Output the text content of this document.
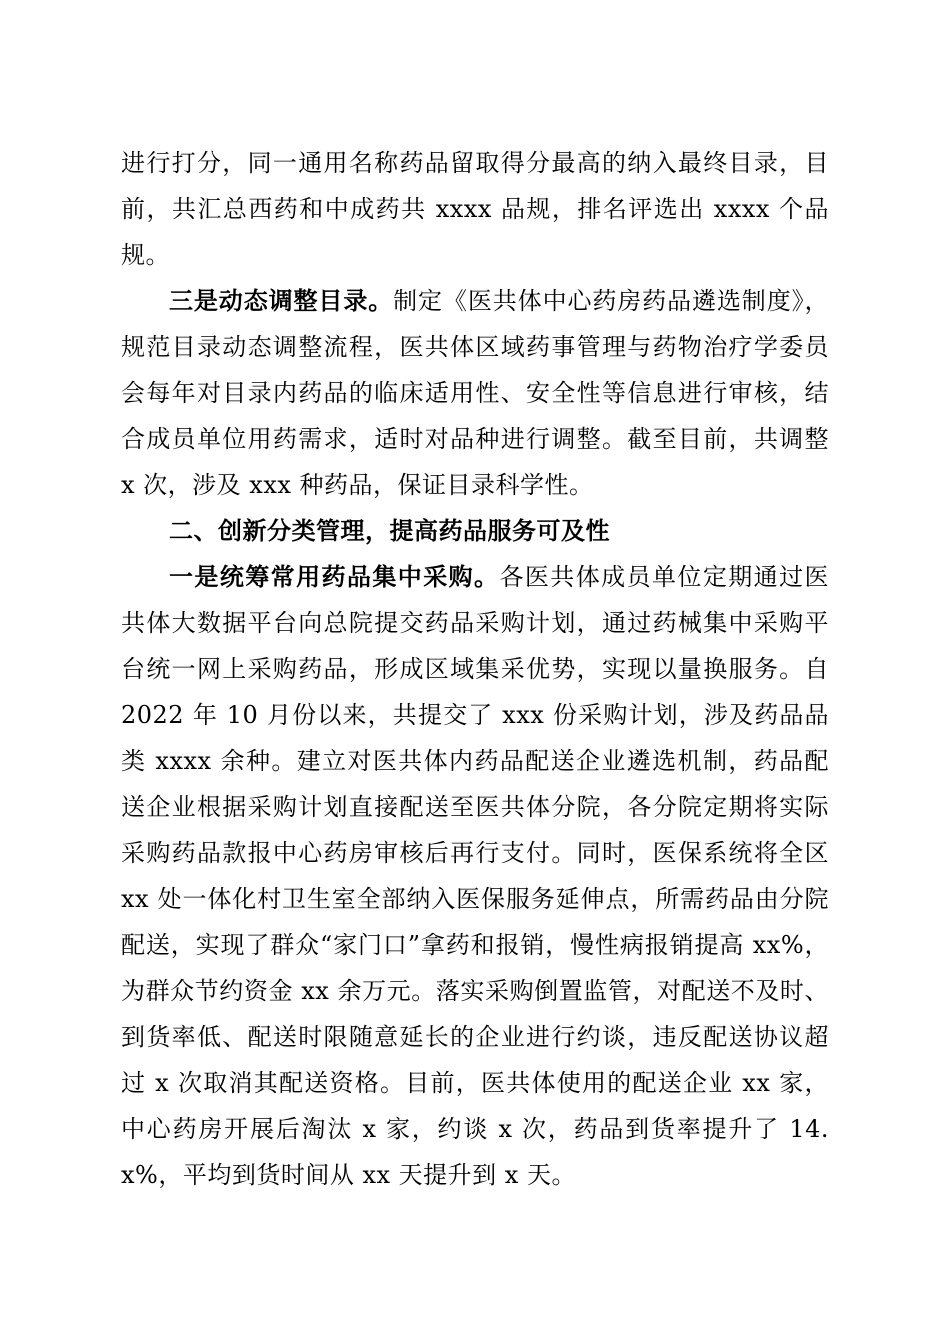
进行打分，同一通用名称药品留取得分最高的纳入最终目录，目前，共汇总西药和中成药共 xxxx 品规，排名评选出 xxxx 个品规。

三是动态调整目录。制定《医共体中心药房药品遴选制度》，规范目录动态调整流程，医共体区域药事管理与药物治疗学委员会每年对目录内药品的临床适用性、安全性等信息进行审核，结合成员单位用药需求，适时对品种进行调整。截至目前，共调整 x 次，涉及 xxx 种药品，保证目录科学性。

二、创新分类管理，提高药品服务可及性

一是统筹常用药品集中采购。各医共体成员单位定期通过医共体大数据平台向总院提交药品采购计划，通过药械集中采购平台统一网上采购药品，形成区域集采优势，实现以量换服务。自 2022 年 10 月份以来，共提交了 xxx 份采购计划，涉及药品品类 xxxx 余种。建立对医共体内药品配送企业遴选机制，药品配送企业根据采购计划直接配送至医共体分院，各分院定期将实际采购药品款报中心药房审核后再行支付。同时，医保系统将全区 xx 处一体化村卫生室全部纳入医保服务延伸点，所需药品由分院配送，实现了群众“家门口”拿药和报销，慢性病报销提高 xx%，为群众节约资金 xx 余万元。落实采购倒置监管，对配送不及时、到货率低、配送时限随意延长的企业进行约谈，违反配送协议超过 x 次取消其配送资格。目前，医共体使用的配送企业 xx 家，中心药房开展后淘汰 x 家，约谈 x 次，药品到货率提升了 14. x%，平均到货时间从 xx 天提升到 x 天。
